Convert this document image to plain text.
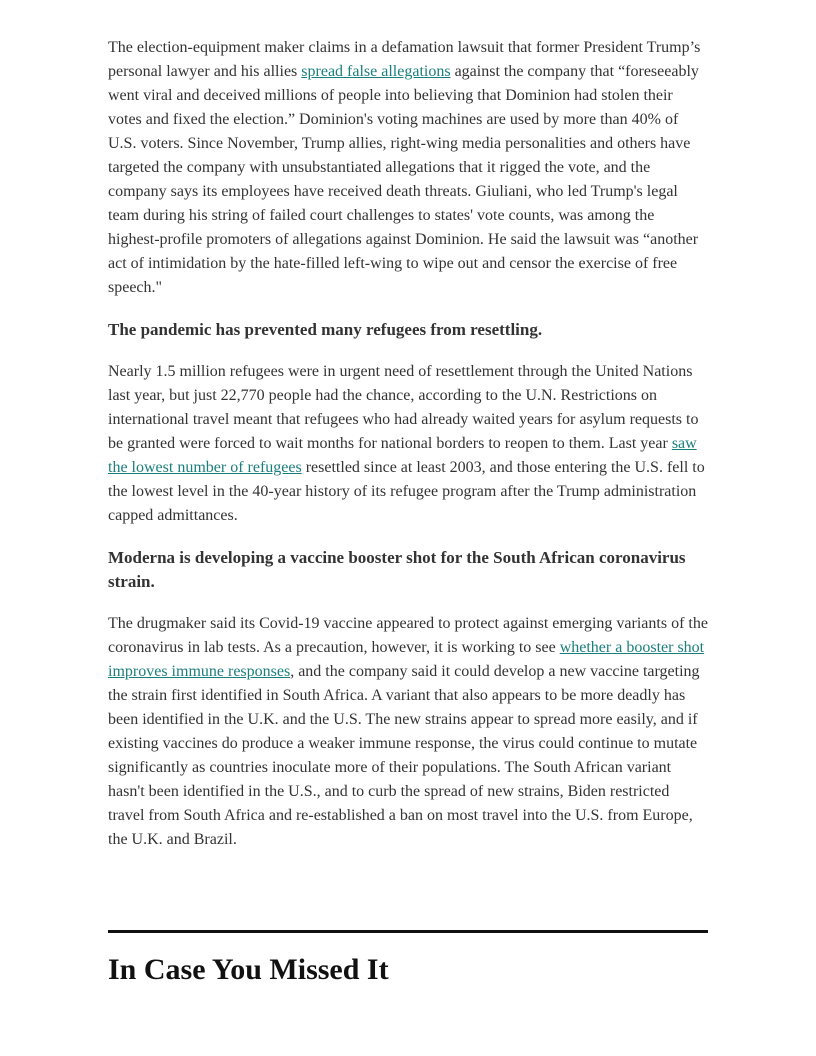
The election-equipment maker claims in a defamation lawsuit that former President Trump’s personal lawyer and his allies spread false allegations against the company that “foreseeably went viral and deceived millions of people into believing that Dominion had stolen their votes and fixed the election.” Dominion's voting machines are used by more than 40% of U.S. voters. Since November, Trump allies, right-wing media personalities and others have targeted the company with unsubstantiated allegations that it rigged the vote, and the company says its employees have received death threats. Giuliani, who led Trump's legal team during his string of failed court challenges to states' vote counts, was among the highest-profile promoters of allegations against Dominion. He said the lawsuit was “another act of intimidation by the hate-filled left-wing to wipe out and censor the exercise of free speech."

The pandemic has prevented many refugees from resettling.

Nearly 1.5 million refugees were in urgent need of resettlement through the United Nations last year, but just 22,770 people had the chance, according to the U.N. Restrictions on international travel meant that refugees who had already waited years for asylum requests to be granted were forced to wait months for national borders to reopen to them. Last year saw the lowest number of refugees resettled since at least 2003, and those entering the U.S. fell to the lowest level in the 40-year history of its refugee program after the Trump administration capped admittances.

Moderna is developing a vaccine booster shot for the South African coronavirus strain.

The drugmaker said its Covid-19 vaccine appeared to protect against emerging variants of the coronavirus in lab tests. As a precaution, however, it is working to see whether a booster shot improves immune responses, and the company said it could develop a new vaccine targeting the strain first identified in South Africa. A variant that also appears to be more deadly has been identified in the U.K. and the U.S. The new strains appear to spread more easily, and if existing vaccines do produce a weaker immune response, the virus could continue to mutate significantly as countries inoculate more of their populations. The South African variant hasn't been identified in the U.S., and to curb the spread of new strains, Biden restricted travel from South Africa and re-established a ban on most travel into the U.S. from Europe, the U.K. and Brazil.

In Case You Missed It
